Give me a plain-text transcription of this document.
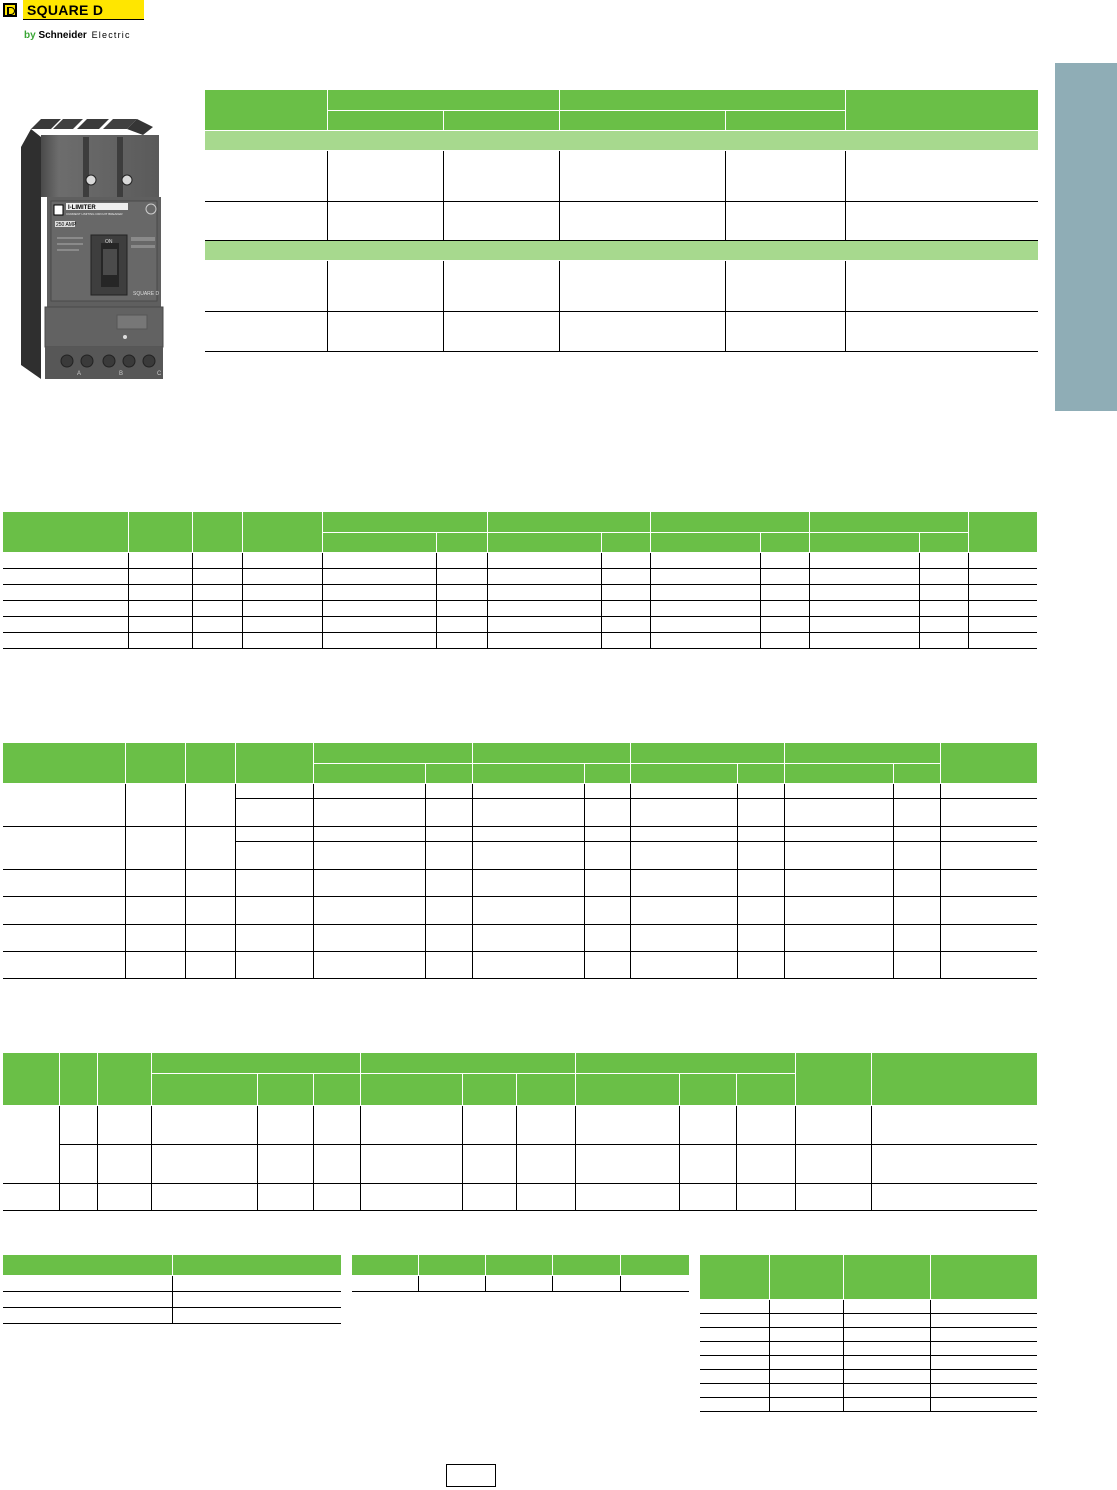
SQUARE D
by Schneider Electric
I-LIMITER
CURRENT LIMITING CIRCUIT BREAKER
250 AMP
ON
SQUARE D
A	B	C
